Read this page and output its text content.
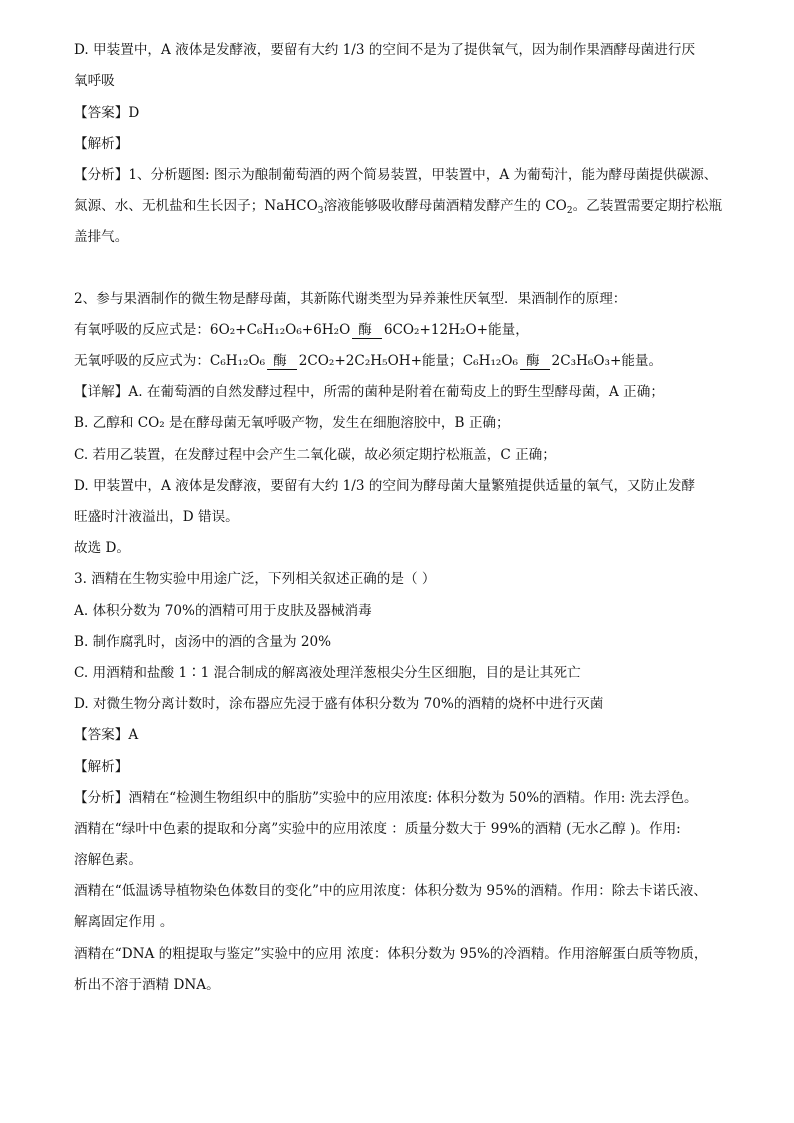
D. 甲装置中，A 液体是发酵液，要留有大约 1/3 的空间不是为了提供氧气，因为制作果酒酵母菌进行厌
氧呼吸
【答案】D
【解析】
【分析】1、分析题图: 图示为酿制葡萄酒的两个简易装置，甲装置中，A 为葡萄汁，能为酵母菌提供碳源、
氮源、水、无机盐和生长因子；NaHCO$_3$溶液能够吸收酵母菌酒精发酵产生的 $CO_2$。乙装置需要定期拧松瓶
盖排气。
2、参与果酒制作的微生物是酵母菌，其新陈代谢类型为异养兼性厌氧型．果酒制作的原理：
有氧呼吸的反应式是：6O₂+C₆H₁₂O₆+6H₂O 酶 6CO₂+12H₂O+能量，
无氧呼吸的反应式为：C₆H₁₂O₆ 酶 2CO₂+2C₂H₅OH+能量；C₆H₁₂O₆ 酶 2C₃H₆O₃+能量。
【详解】A. 在葡萄酒的自然发酵过程中，所需的菌种是附着在葡萄皮上的野生型酵母菌，A 正确；
B. 乙醇和 CO₂ 是在酵母菌无氧呼吸产物，发生在细胞溶胶中，B 正确；
C. 若用乙装置，在发酵过程中会产生二氧化碳，故必须定期拧松瓶盖，C 正确；
D. 甲装置中，A 液体是发酵液，要留有大约 1/3 的空间为酵母菌大量繁殖提供适量的氧气，又防止发酵
旺盛时汁液溢出，D 错误。
故选 D。
3. 酒精在生物实验中用途广泛，下列相关叙述正确的是（ ）
A. 体积分数为 70%的酒精可用于皮肤及器械消毒
B. 制作腐乳时，卤汤中的酒的含量为 20%
C. 用酒精和盐酸 1∶1 混合制成的解离液处理洋葱根尖分生区细胞，目的是让其死亡
D. 对微生物分离计数时，涂布器应先浸于盛有体积分数为 70%的酒精的烧杯中进行灭菌
【答案】A
【解析】
【分析】酒精在“检测生物组织中的脂肪”实验中的应用浓度: 体积分数为 50%的酒精。作用: 洗去浮色。
酒精在“绿叶中色素的提取和分离”实验中的应用浓度 ：质量分数大于 99%的酒精 (无水乙醇 )。作用:
溶解色素。
酒精在“低温诱导植物染色体数目的变化”中的应用浓度：体积分数为 95%的酒精。作用：除去卡诺氏液、
解离固定作用 。
酒精在“DNA 的粗提取与鉴定”实验中的应用 浓度：体积分数为 95%的冷酒精。作用溶解蛋白质等物质，
析出不溶于酒精 DNA。
